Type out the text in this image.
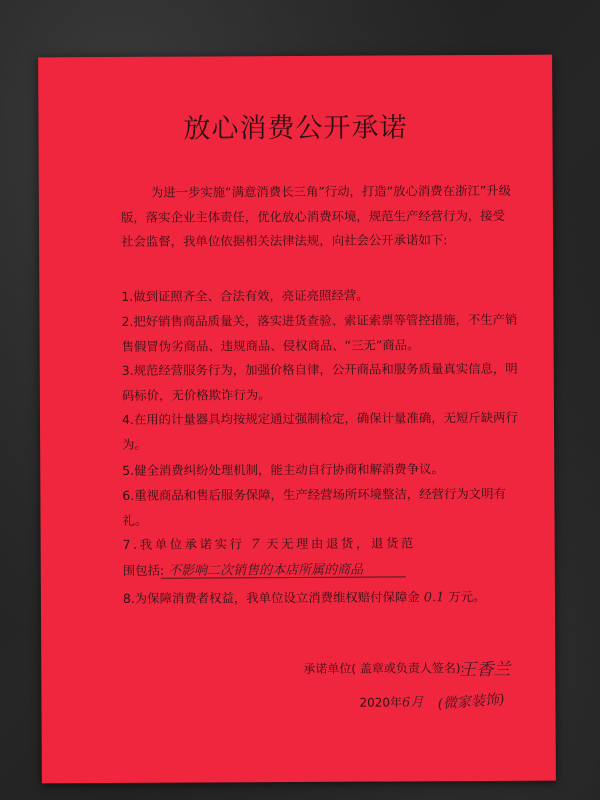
放心消费公开承诺
为进一步实施“满意消费长三角”行动，打造“放心消费在浙江”升级版，落实企业主体责任，优化放心消费环境，规范生产经营行为，接受社会监督，我单位依据相关法律法规，向社会公开承诺如下:
1.做到证照齐全、合法有效，亮证亮照经营。
2.把好销售商品质量关，落实进货查验、索证索票等管控措施，不生产销售假冒伪劣商品、违规商品、侵权商品、“三无”商品。
3.规范经营服务行为，加强价格自律，公开商品和服务质量真实信息，明码标价，无价格欺诈行为。
4.在用的计量器具均按规定通过强制检定，确保计量准确，无短斤缺两行为。
5.健全消费纠纷处理机制，能主动自行协商和解消费争议。
6.重视商品和售后服务保障，生产经营场所环境整洁，经营行为文明有礼。
7.我单位承诺实行 7 天无理由退货，退货范
围包括: 不影响二次销售的本店所属的商品
8.为保障消费者权益，我单位设立消费维权赔付保障金 0.1 万元。
承诺单位( 盖章或负责人签名):
王香兰
2020年6月 (微家装饰)
